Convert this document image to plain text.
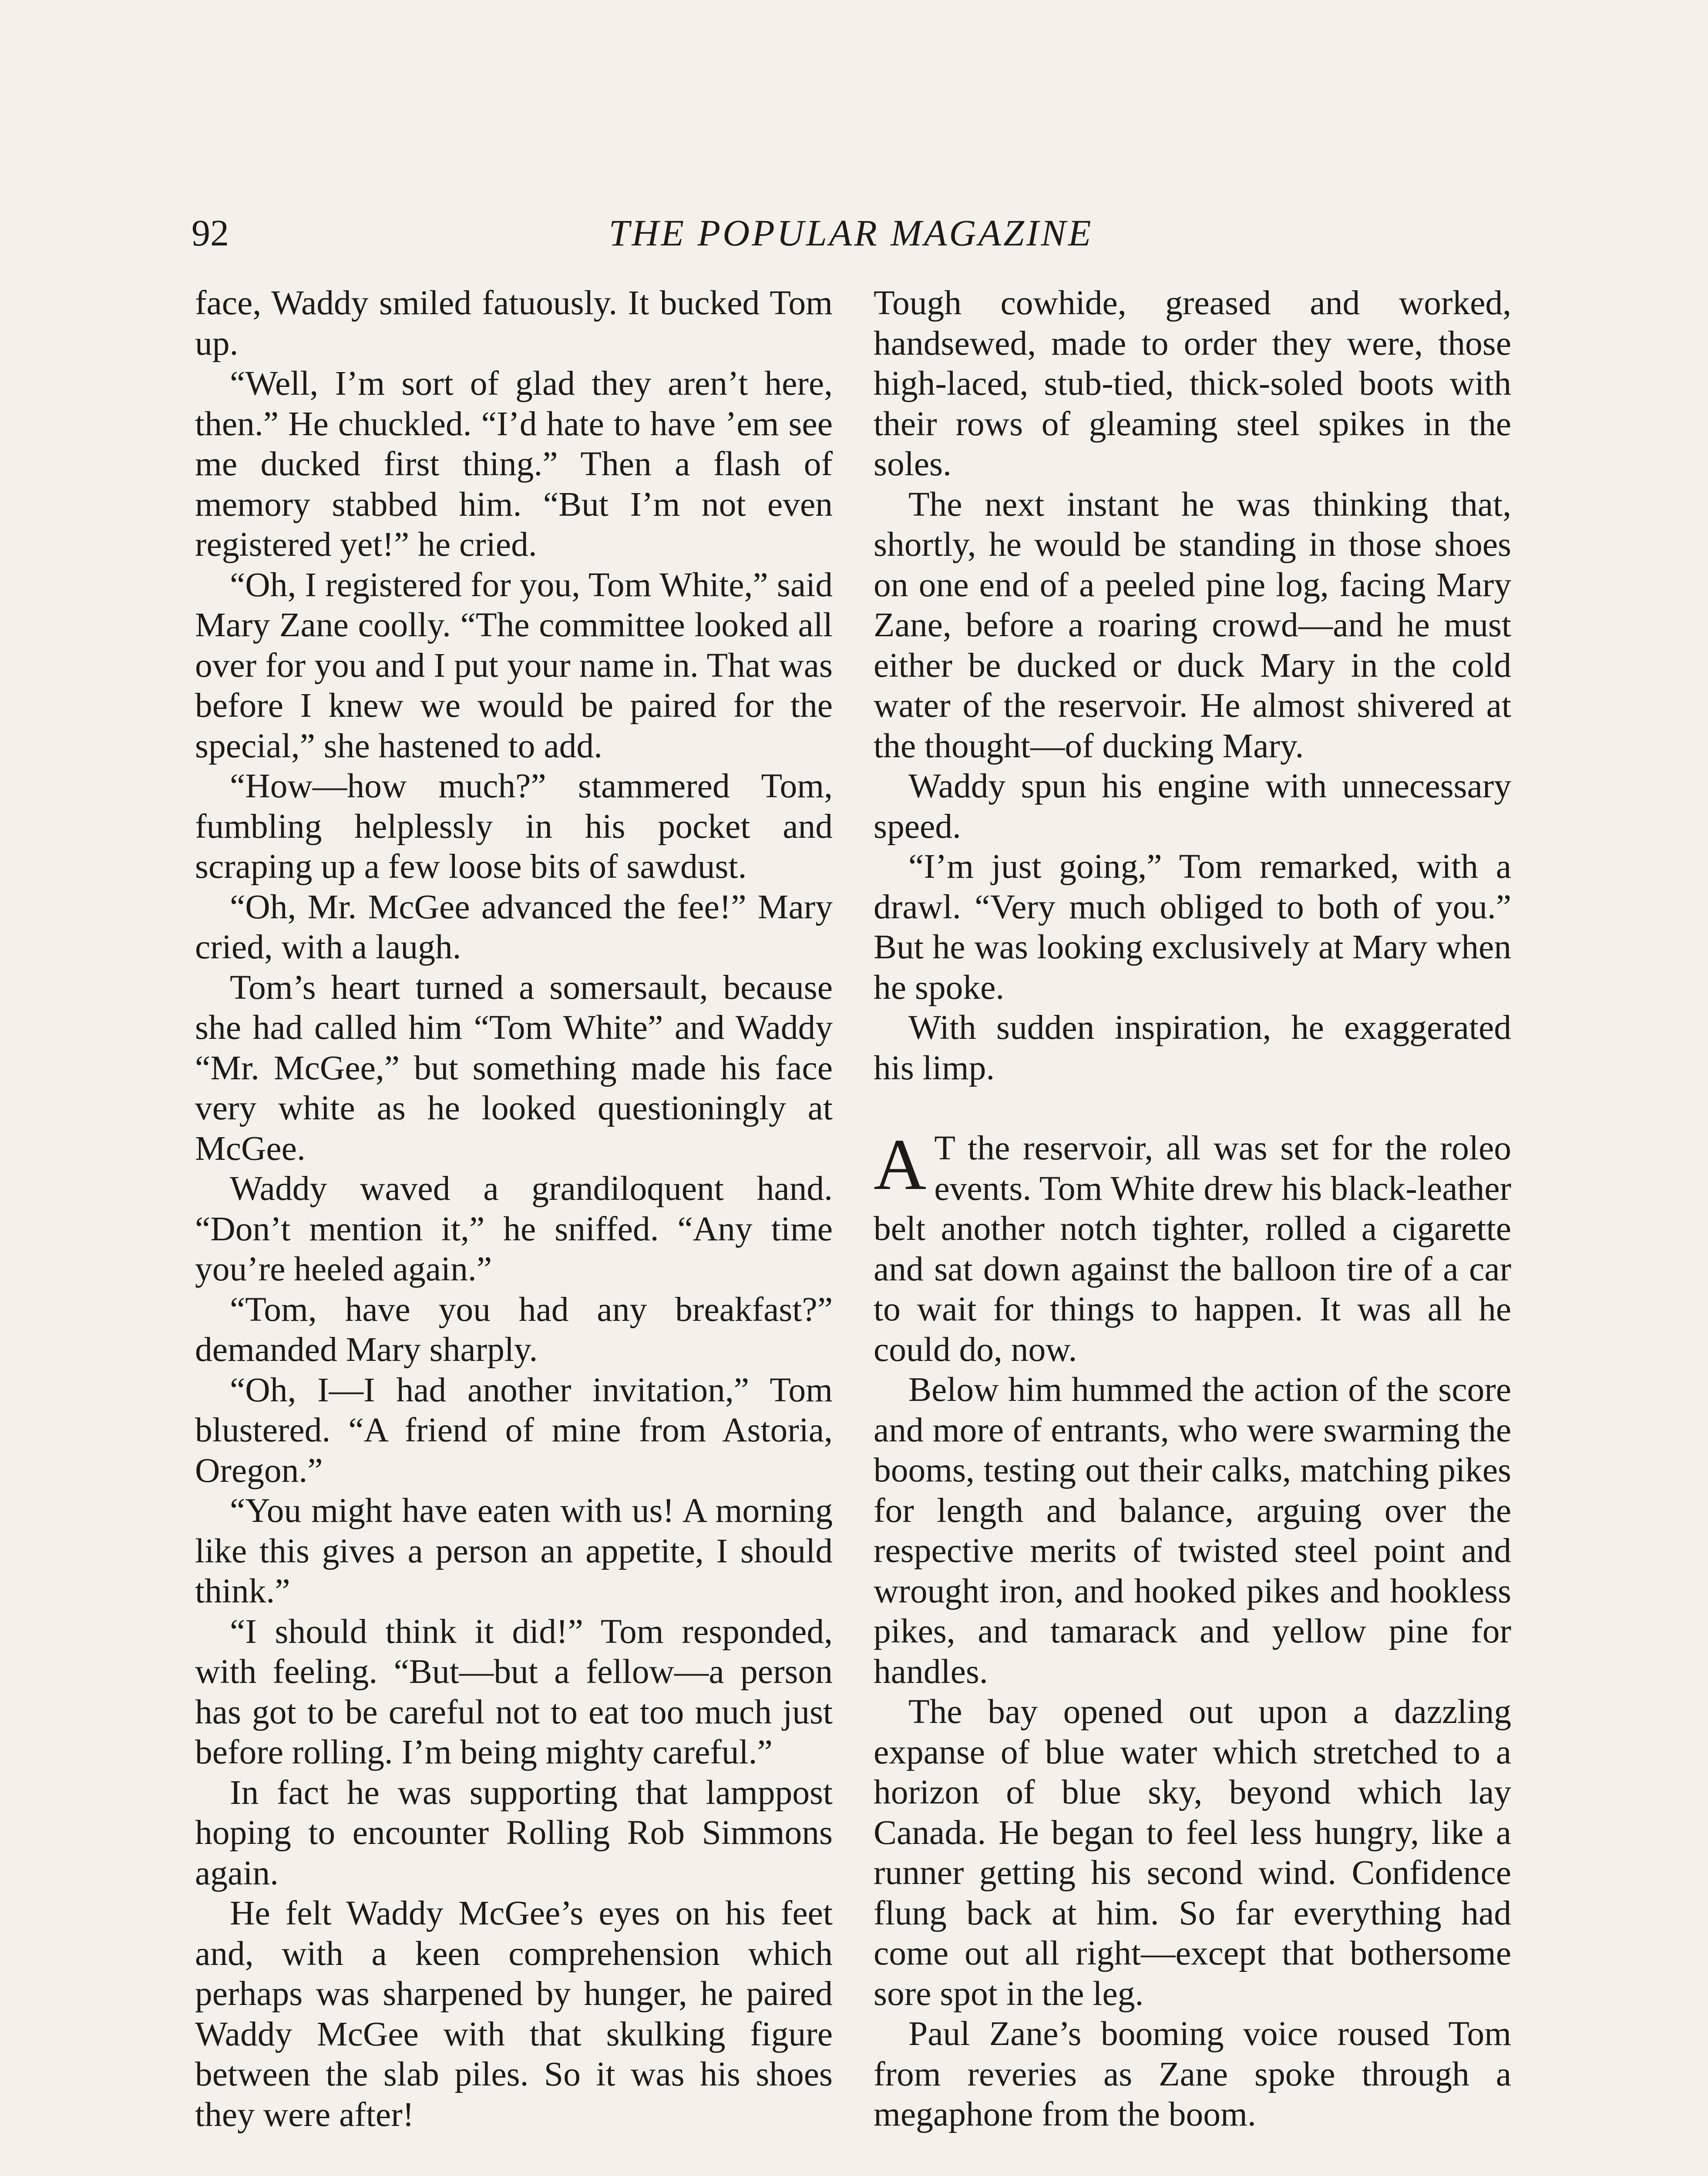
92	THE POPULAR MAGAZINE

face, Waddy smiled fatuously. It bucked Tom up.

“Well, I’m sort of glad they aren’t here, then.” He chuckled. “I’d hate to have ’em see me ducked first thing.” Then a flash of memory stabbed him. “But I’m not even registered yet!” he cried.

“Oh, I registered for you, Tom White,” said Mary Zane coolly. “The committee looked all over for you and I put your name in. That was before I knew we would be paired for the special,” she hastened to add.

“How—how much?” stammered Tom, fumbling helplessly in his pocket and scraping up a few loose bits of sawdust.

“Oh, Mr. McGee advanced the fee!” Mary cried, with a laugh.

Tom’s heart turned a somersault, because she had called him “Tom White” and Waddy “Mr. McGee,” but something made his face very white as he looked questioningly at McGee.

Waddy waved a grandiloquent hand. “Don’t mention it,” he sniffed. “Any time you’re heeled again.”

“Tom, have you had any breakfast?” demanded Mary sharply.

“Oh, I—I had another invitation,” Tom blustered. “A friend of mine from Astoria, Oregon.”

“You might have eaten with us! A morning like this gives a person an appetite, I should think.”

“I should think it did!” Tom responded, with feeling. “But—but a fellow—a person has got to be careful not to eat too much just before rolling. I’m being mighty careful.”

In fact he was supporting that lamppost hoping to encounter Rolling Rob Simmons again.

He felt Waddy McGee’s eyes on his feet and, with a keen comprehension which perhaps was sharpened by hunger, he paired Waddy McGee with that skulking figure between the slab piles. So it was his shoes they were after!

Tough cowhide, greased and worked, handsewed, made to order they were, those high-laced, stub-tied, thick-soled boots with their rows of gleaming steel spikes in the soles.

The next instant he was thinking that, shortly, he would be standing in those shoes on one end of a peeled pine log, facing Mary Zane, before a roaring crowd—and he must either be ducked or duck Mary in the cold water of the reservoir. He almost shivered at the thought—of ducking Mary.

Waddy spun his engine with unnecessary speed.

“I’m just going,” Tom remarked, with a drawl. “Very much obliged to both of you.” But he was looking exclusively at Mary when he spoke.

With sudden inspiration, he exaggerated his limp.

A T the reservoir, all was set for the roleo events. Tom White drew his black-leather belt another notch tighter, rolled a cigarette and sat down against the balloon tire of a car to wait for things to happen. It was all he could do, now.

Below him hummed the action of the score and more of entrants, who were swarming the booms, testing out their calks, matching pikes for length and balance, arguing over the respective merits of twisted steel point and wrought iron, and hooked pikes and hookless pikes, and tamarack and yellow pine for handles.

The bay opened out upon a dazzling expanse of blue water which stretched to a horizon of blue sky, beyond which lay Canada. He began to feel less hungry, like a runner getting his second wind. Confidence flung back at him. So far everything had come out all right—except that bothersome sore spot in the leg.

Paul Zane’s booming voice roused Tom from reveries as Zane spoke through a megaphone from the boom.
